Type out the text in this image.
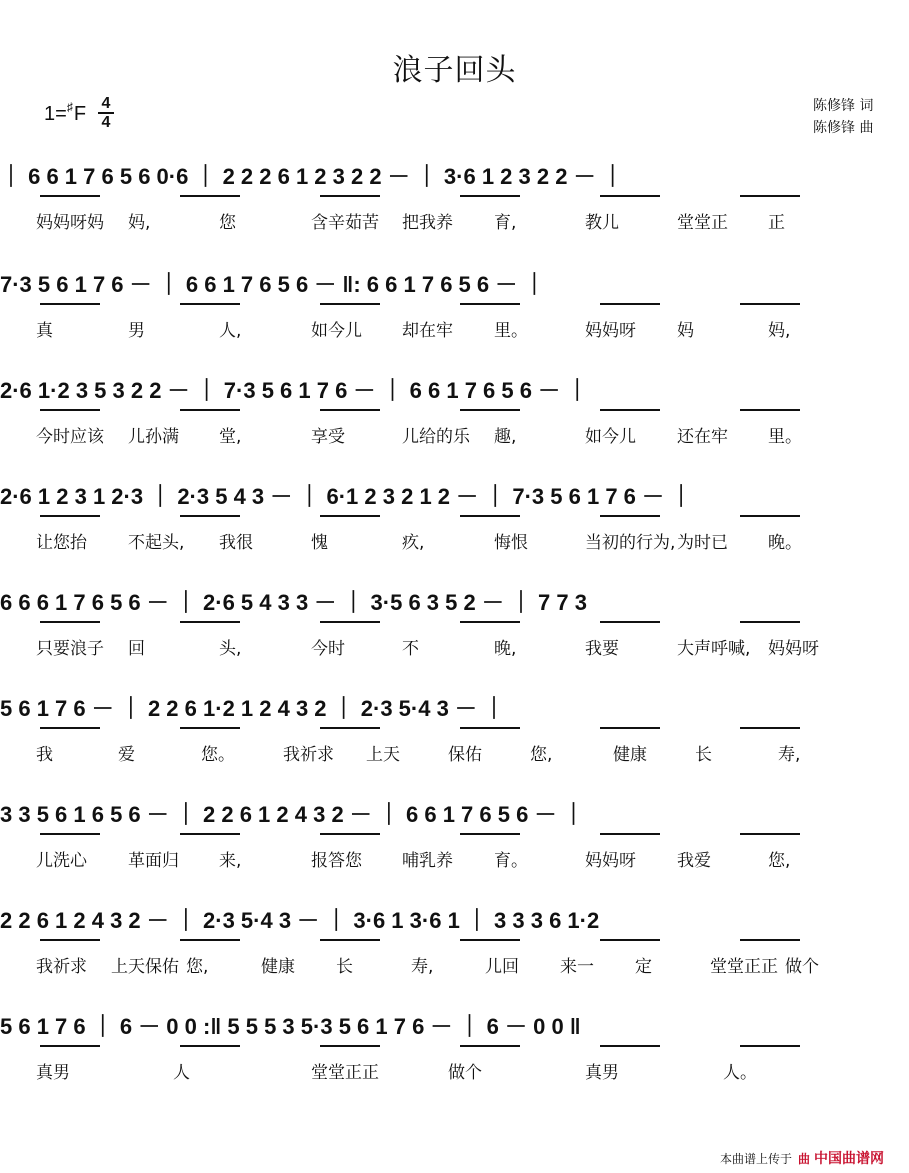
浪子回头
1=♯F 4
4
陈修锋 词
陈修锋 曲
｜ 6 6 1 7 6 5 6 0·6 ｜ 2 2 2 6 1 2 3 2 2 － ｜ 3·6 1 2 3 2 2 － ｜
妈妈呀妈 妈,	您	含辛茹苦 把我养 育,	教儿	堂堂正 正
7·3 5 6 1 7 6 － ｜ 6 6 1 7 6 5 6 － ‖: 6 6 1 7 6 5 6 － ｜
真	男	人,	如今儿 却在牢 里。	妈妈呀 妈	妈,
2·6 1·2 3 5 3 2 2 － ｜ 7·3 5 6 1 7 6 － ｜ 6 6 1 7 6 5 6 － ｜
今时应该 儿孙满 堂,	享受	儿给的乐 趣,	如今儿 还在牢 里。
2·6 1 2 3 1 2·3 ｜ 2·3 5 4 3 － ｜ 6·1 2 3 2 1 2 － ｜ 7·3 5 6 1 7 6 － ｜
让您抬 不起头, 我很	愧	疚,	悔恨	当初的行为, 为时已 晚。
6 6 6 1 7 6 5 6 － ｜ 2·6 5 4 3 3 － ｜ 3·5 6 3 5 2 － ｜ 7 7 3
只要浪子 回	头,	今时	不	晚,	我要	大声呼喊, 妈妈呀
5 6 1 7 6 － ｜ 2 2 6 1·2 1 2 4 3 2 ｜ 2·3 5·4 3 － ｜
我	爱	您。	我祈求 上天	保佑	您,	健康	长	寿,
3 3 5 6 1 6 5 6 － ｜ 2 2 6 1 2 4 3 2 － ｜ 6 6 1 7 6 5 6 － ｜
儿洗心 革面归 来,	报答您 哺乳养 育。	妈妈呀 我爱	您,
2 2 6 1 2 4 3 2 － ｜ 2·3 5·4 3 － ｜ 3·6 1 3·6 1 ｜ 3 3 3 6 1·2
我祈求 上天保佑 您,	健康 长	寿,	儿回 来一 定	堂堂正正 做个
5 6 1 7 6 ｜ 6 － 0 0 :‖ 5 5 5 3 5·3 5 6 1 7 6 － ｜ 6 － 0 0 ‖
真男	人	堂堂正正	做个	真男	人。
本曲谱上传于 曲 中国曲谱网
